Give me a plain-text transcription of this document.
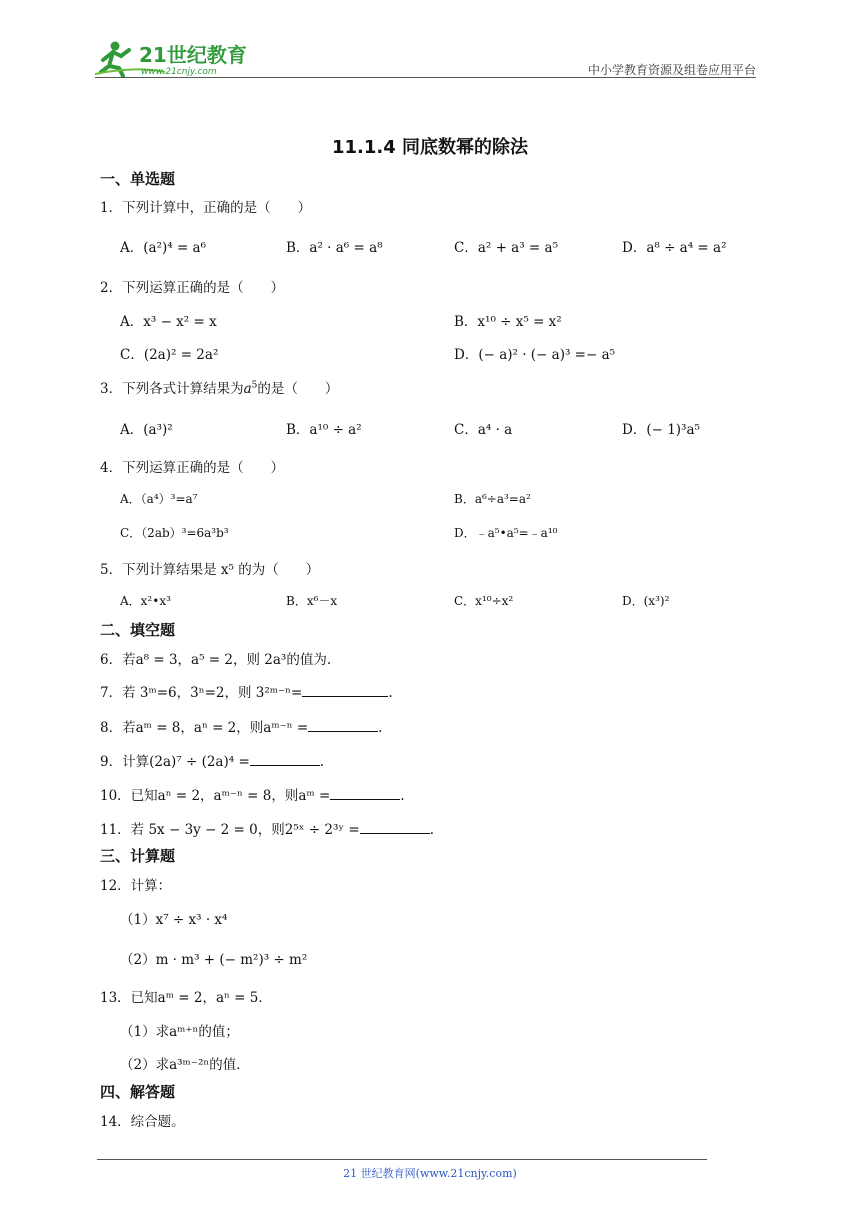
21世纪教育
www.21cnjy.com	中小学教育资源及组卷应用平台
11.1.4 同底数幂的除法
一、单选题
1．下列计算中，正确的是（　　）
A．(a²)⁴ = a⁶	B．a² · a⁶ = a⁸	C．a² + a³ = a⁵	D．a⁸ ÷ a⁴ = a²
2．下列运算正确的是（　　）
A．x³ − x² = x	B．x¹⁰ ÷ x⁵ = x²
C．(2a)² = 2a²	D．(− a)² · (− a)³ =− a⁵
3．下列各式计算结果为$a^5$的是（　　）
A．(a³)²	B．a¹⁰ ÷ a²	C．a⁴ · a	D．(− 1)³a⁵
4．下列运算正确的是（　　）
A．（a⁴）³=a⁷	B．a⁶÷a³=a²
C．（2ab）³=6a³b³	D．﹣a⁵•a⁵=﹣a¹⁰
5．下列计算结果是 x⁵ 的为（　　）
A．x²•x³	B．x⁶－x	C．x¹⁰÷x²	D．(x³)²
二、填空题
6．若a⁸ = 3，a⁵ = 2，则 2a³的值为.
7．若 3ᵐ=6，3ⁿ=2，则 3²ᵐ⁻ⁿ=	.
8．若aᵐ = 8，aⁿ = 2，则aᵐ⁻ⁿ =	.
9．计算(2a)⁷ ÷ (2a)⁴ =	.
10．已知aⁿ = 2，aᵐ⁻ⁿ = 8，则aᵐ =	.
11．若 5x − 3y − 2 = 0，则2⁵ˣ ÷ 2³ʸ =	.
三、计算题
12．计算：
（1）x⁷ ÷ x³ · x⁴
（2）m · m³ + (− m²)³ ÷ m²
13．已知aᵐ = 2，aⁿ = 5．
（1）求aᵐ⁺ⁿ的值；
（2）求a³ᵐ⁻²ⁿ的值．
四、解答题
14．综合题。
21 世纪教育网(www.21cnjy.com)
